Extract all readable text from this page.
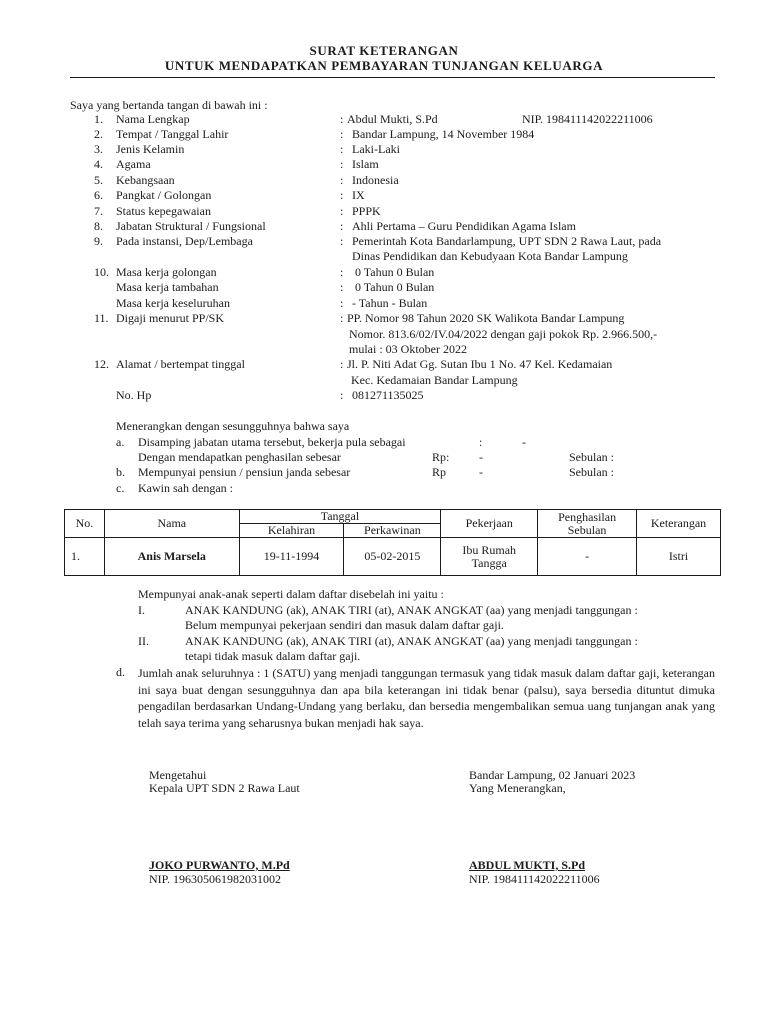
SURAT KETERANGAN
UNTUK MENDAPATKAN PEMBAYARAN TUNJANGAN KELUARGA
Saya yang bertanda tangan di bawah ini :
1. Nama Lengkap	: Abdul Mukti, S.Pd	NIP. 198411142022211006
2. Tempat / Tanggal Lahir	: Bandar Lampung, 14 November 1984
3. Jenis Kelamin	: Laki-Laki
4. Agama	: Islam
5. Kebangsaan	: Indonesia
6. Pangkat / Golongan	: IX
7. Status kepegawaian	: PPPK
8. Jabatan Struktural / Fungsional	: Ahli Pertama – Guru Pendidikan Agama Islam
9. Pada instansi, Dep/Lembaga	: Pemerintah Kota Bandarlampung, UPT SDN 2 Rawa Laut, pada
Dinas Pendidikan dan Kebudyaan Kota Bandar Lampung
10. Masa kerja golongan	: 0 Tahun 0 Bulan
Masa kerja tambahan	: 0 Tahun 0 Bulan
Masa kerja keseluruhan	: - Tahun - Bulan
11. Digaji menurut PP/SK	: PP. Nomor 98 Tahun 2020 SK Walikota Bandar Lampung
Nomor. 813.6/02/IV.04/2022 dengan gaji pokok Rp. 2.966.500,-
mulai : 03 Oktober 2022
12. Alamat / bertempat tinggal	: Jl. P. Niti Adat Gg. Sutan Ibu 1 No. 47 Kel. Kedamaian
Kec. Kedamaian Bandar Lampung
No. Hp	: 081271135025
Menerangkan dengan sesungguhnya bahwa saya
a. Disamping jabatan utama tersebut, bekerja pula sebagai	:	-
Dengan mendapatkan penghasilan sebesar	Rp: -	Sebulan :
b. Mempunyai pensiun / pensiun janda sebesar	Rp	-	Sebulan :
c. Kawin sah dengan :
No.	Nama	Tanggal		Pekerjaan	Penghasilan Sebulan	Keterangan
		Kelahiran	Perkawinan			
1.	Anis Marsela	19-11-1994	05-02-2015	Ibu Rumah Tangga	-	Istri
Mempunyai anak-anak seperti dalam daftar disebelah ini yaitu :
I.	ANAK KANDUNG (ak), ANAK TIRI (at), ANAK ANGKAT (aa) yang menjadi tanggungan :
Belum mempunyai pekerjaan sendiri dan masuk dalam daftar gaji.
II.	ANAK KANDUNG (ak), ANAK TIRI (at), ANAK ANGKAT (aa) yang menjadi tanggungan :
tetapi tidak masuk dalam daftar gaji.
d. Jumlah anak seluruhnya : 1 (SATU) yang menjadi tanggungan termasuk yang tidak masuk dalam daftar gaji, keterangan ini saya buat dengan sesungguhnya dan apa bila keterangan ini tidak benar (palsu), saya bersedia dituntut dimuka pengadilan berdasarkan Undang-Undang yang berlaku, dan bersedia mengembalikan semua uang tunjangan anak yang telah saya terima yang seharusnya bukan menjadi hak saya.
Mengetahui
Kepala UPT SDN 2 Rawa Laut
JOKO PURWANTO, M.Pd
NIP. 196305061982031002
Bandar Lampung, 02 Januari 2023
Yang Menerangkan,
ABDUL MUKTI, S.Pd
NIP. 198411142022211006
